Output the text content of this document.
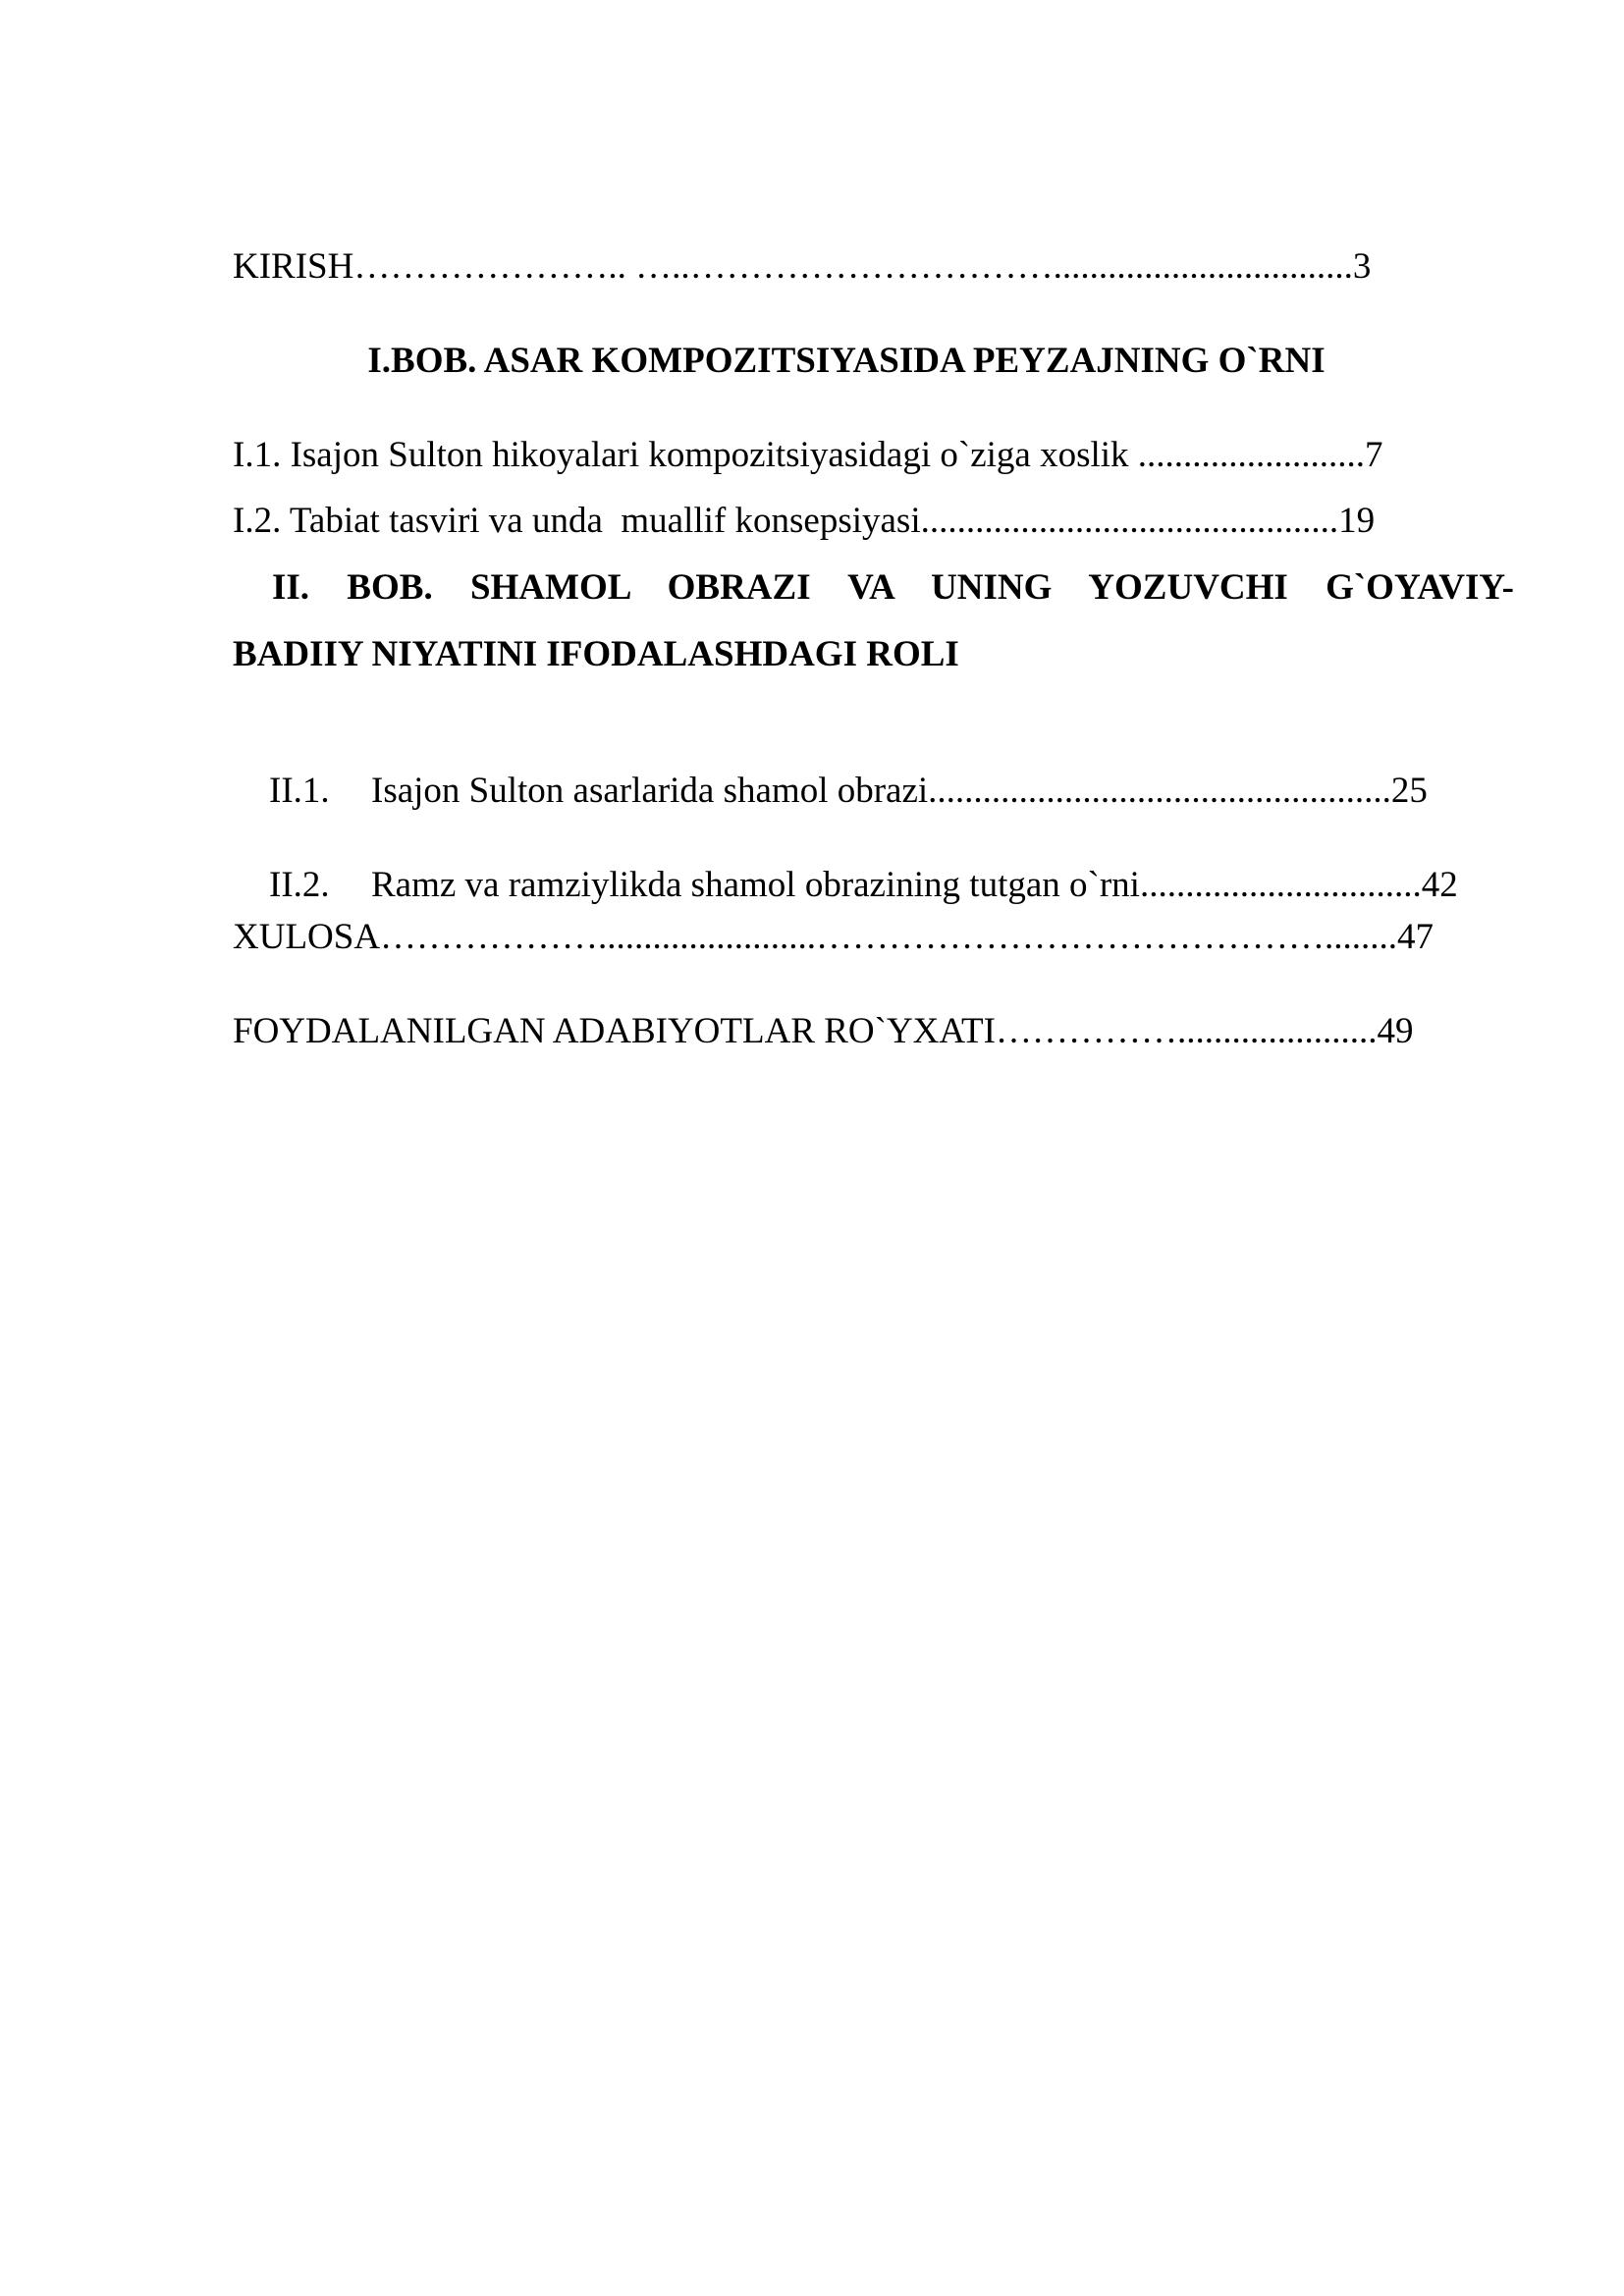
KIRISH………………….. …..………………………….................................3
I.BOB. ASAR KOMPOZITSIYASIDA PEYZAJNING O`RNI
I.1. Isajon Sulton hikoyalari kompozitsiyasidagi o`ziga xoslik .........................7
I.2. Tabiat tasviri va unda  muallif konsepsiyasi..............................................19
II. BOB. SHAMOL OBRAZI VA UNING YOZUVCHI G`OYAVIY-
BADIIY NIYATINI IFODALASHDAGI ROLI

II.1. Isajon Sulton asarlarida shamol obrazi...................................................25

II.2. Ramz va ramziylikda shamol obrazining tutgan o`rni...............................42

XULOSA………………........................……………………………………........47
FOYDALANILGAN ADABIYOTLAR RO`YXATI……………......................49
